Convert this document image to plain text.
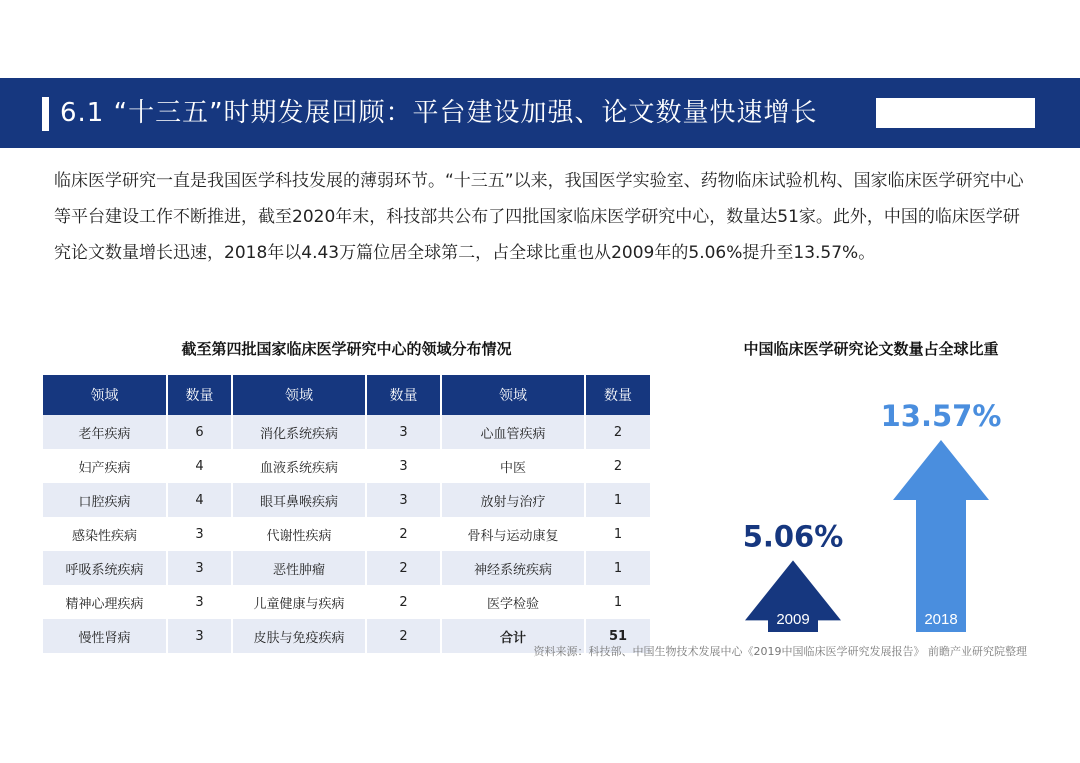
6.1 “十三五”时期发展回顾：平台建设加强、论文数量快速增长

临床医学研究一直是我国医学科技发展的薄弱环节。“十三五”以来，我国医学实验室、药物临床试验机构、国家临床医学研究中心等平台建设工作不断推进，截至2020年末，科技部共公布了四批国家临床医学研究中心，数量达51家。此外，中国的临床医学研究论文数量增长迅速，2018年以4.43万篇位居全球第二，占全球比重也从2009年的5.06%提升至13.57%。

截至第四批国家临床医学研究中心的领域分布情况
领域	数量	领域	数量	领域	数量
老年疾病	6	消化系统疾病	3	心血管疾病	2
妇产疾病	4	血液系统疾病	3	中医	2
口腔疾病	4	眼耳鼻喉疾病	3	放射与治疗	1
感染性疾病	3	代谢性疾病	2	骨科与运动康复	1
呼吸系统疾病	3	恶性肿瘤	2	神经系统疾病	1
精神心理疾病	3	儿童健康与疾病	2	医学检验	1
慢性肾病	3	皮肤与免疫疾病	2	合计	51
中国临床医学研究论文数量占全球比重
2009
5.06%
2018
13.57%
资料来源：科技部、中国生物技术发展中心《2019中国临床医学研究发展报告》 前瞻产业研究院整理
